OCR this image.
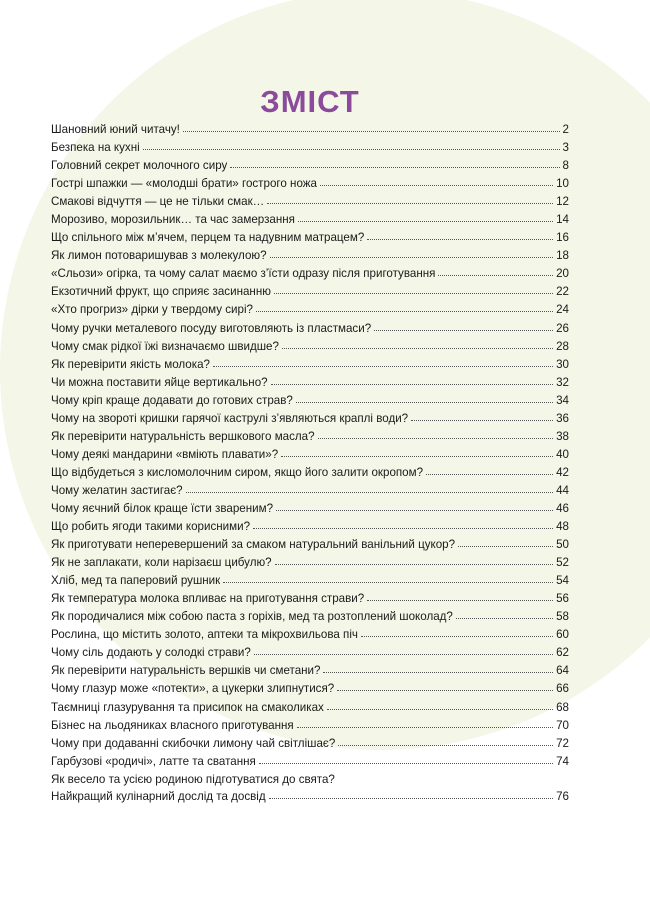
ЗМІСТ
Шановний юний читачу!	2
Безпека на кухні	3
Головний секрет молочного сиру	8
Гострі шпажки — «молодші брати» гострого ножа	10
Смакові відчуття — це не тільки смак…	12
Морозиво, морозильник… та час замерзання	14
Що спільного між м’ячем, перцем та надувним матрацем?	16
Як лимон потоваришував з молекулою?	18
«Сльози» огірка, та чому салат маємо з’їсти одразу після приготування	20
Екзотичний фрукт, що сприяє засинанню	22
«Хто прогриз» дірки у твердому сирі?	24
Чому ручки металевого посуду виготовляють із пластмаси?	26
Чому смак рідкої їжі визначаємо швидше?	28
Як перевірити якість молока?	30
Чи можна поставити яйце вертикально?	32
Чому кріп краще додавати до готових страв?	34
Чому на звороті кришки гарячої каструлі з’являються краплі води?	36
Як перевірити натуральність вершкового масла?	38
Чому деякі мандарини «вміють плавати»?	40
Що відбудеться з кисломолочним сиром, якщо його залити окропом?	42
Чому желатин застигає?	44
Чому яєчний білок краще їсти звареним?	46
Що робить ягоди такими корисними?	48
Як приготувати неперевершений за смаком натуральний ванільний цукор?	50
Як не заплакати, коли нарізаєш цибулю?	52
Хліб, мед та паперовий рушник	54
Як температура молока впливає на приготування страви?	56
Як породичалися між собою паста з горіхів, мед та розтоплений шоколад?	58
Рослина, що містить золото, аптеки та мікрохвильова піч	60
Чому сіль додають у солодкі страви?	62
Як перевірити натуральність вершків чи сметани?	64
Чому глазур може «потекти», а цукерки злипнутися?	66
Таємниці глазурування та присипок на смаколиках	68
Бізнес на льодяниках власного приготування	70
Чому при додаванні скибочки лимону чай світлішає?	72
Гарбузові «родичі», латте та сватання	74
Як весело та усією родиною підготуватися до свята?
Найкращий кулінарний дослід та досвід	76
